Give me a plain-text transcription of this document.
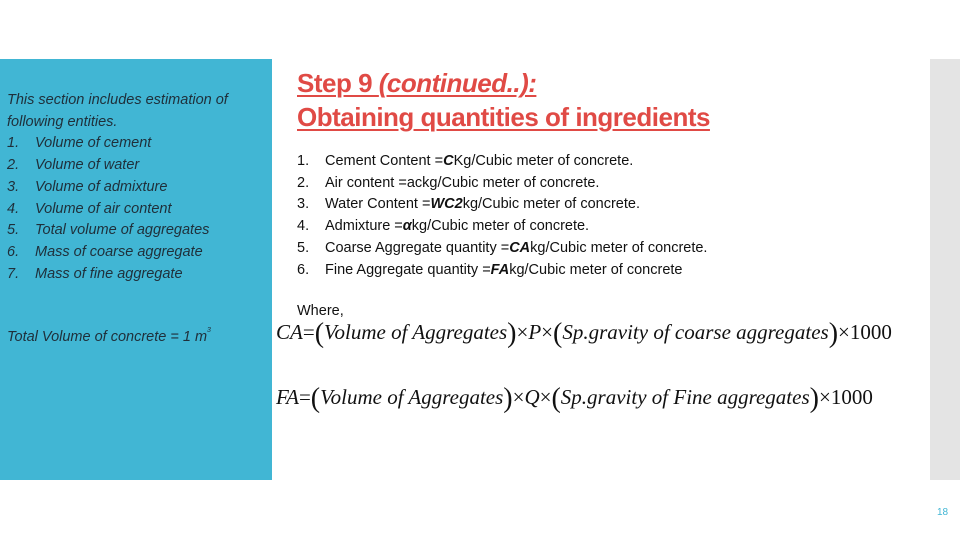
This section includes estimation of following entities.
1.	Volume of cement
2.	Volume of water
3.	Volume of admixture
4.	Volume of air content
5.	Total volume of aggregates
6.	Mass of coarse aggregate
7.	Mass of fine aggregate
Total Volume of concrete = 1 $m^3$
Step 9 (continued..):
Obtaining quantities of ingredients
1.	Cement Content = C Kg/Cubic meter of concrete.
2.	Air content = ac kg/Cubic meter of concrete.
3.	Water Content = WC2 kg/Cubic meter of concrete.
4.	Admixture = α kg/Cubic meter of concrete.
5.	Coarse Aggregate quantity = CA kg/Cubic meter of concrete.
6.	Fine Aggregate quantity = FA kg/Cubic meter of concrete
Where,
CA=(Volume of Aggregates)×P×(Sp.gravity of coarse aggregates)×1000
FA=(Volume of Aggregates)×Q×(Sp.gravity of Fine aggregates)×1000
18
